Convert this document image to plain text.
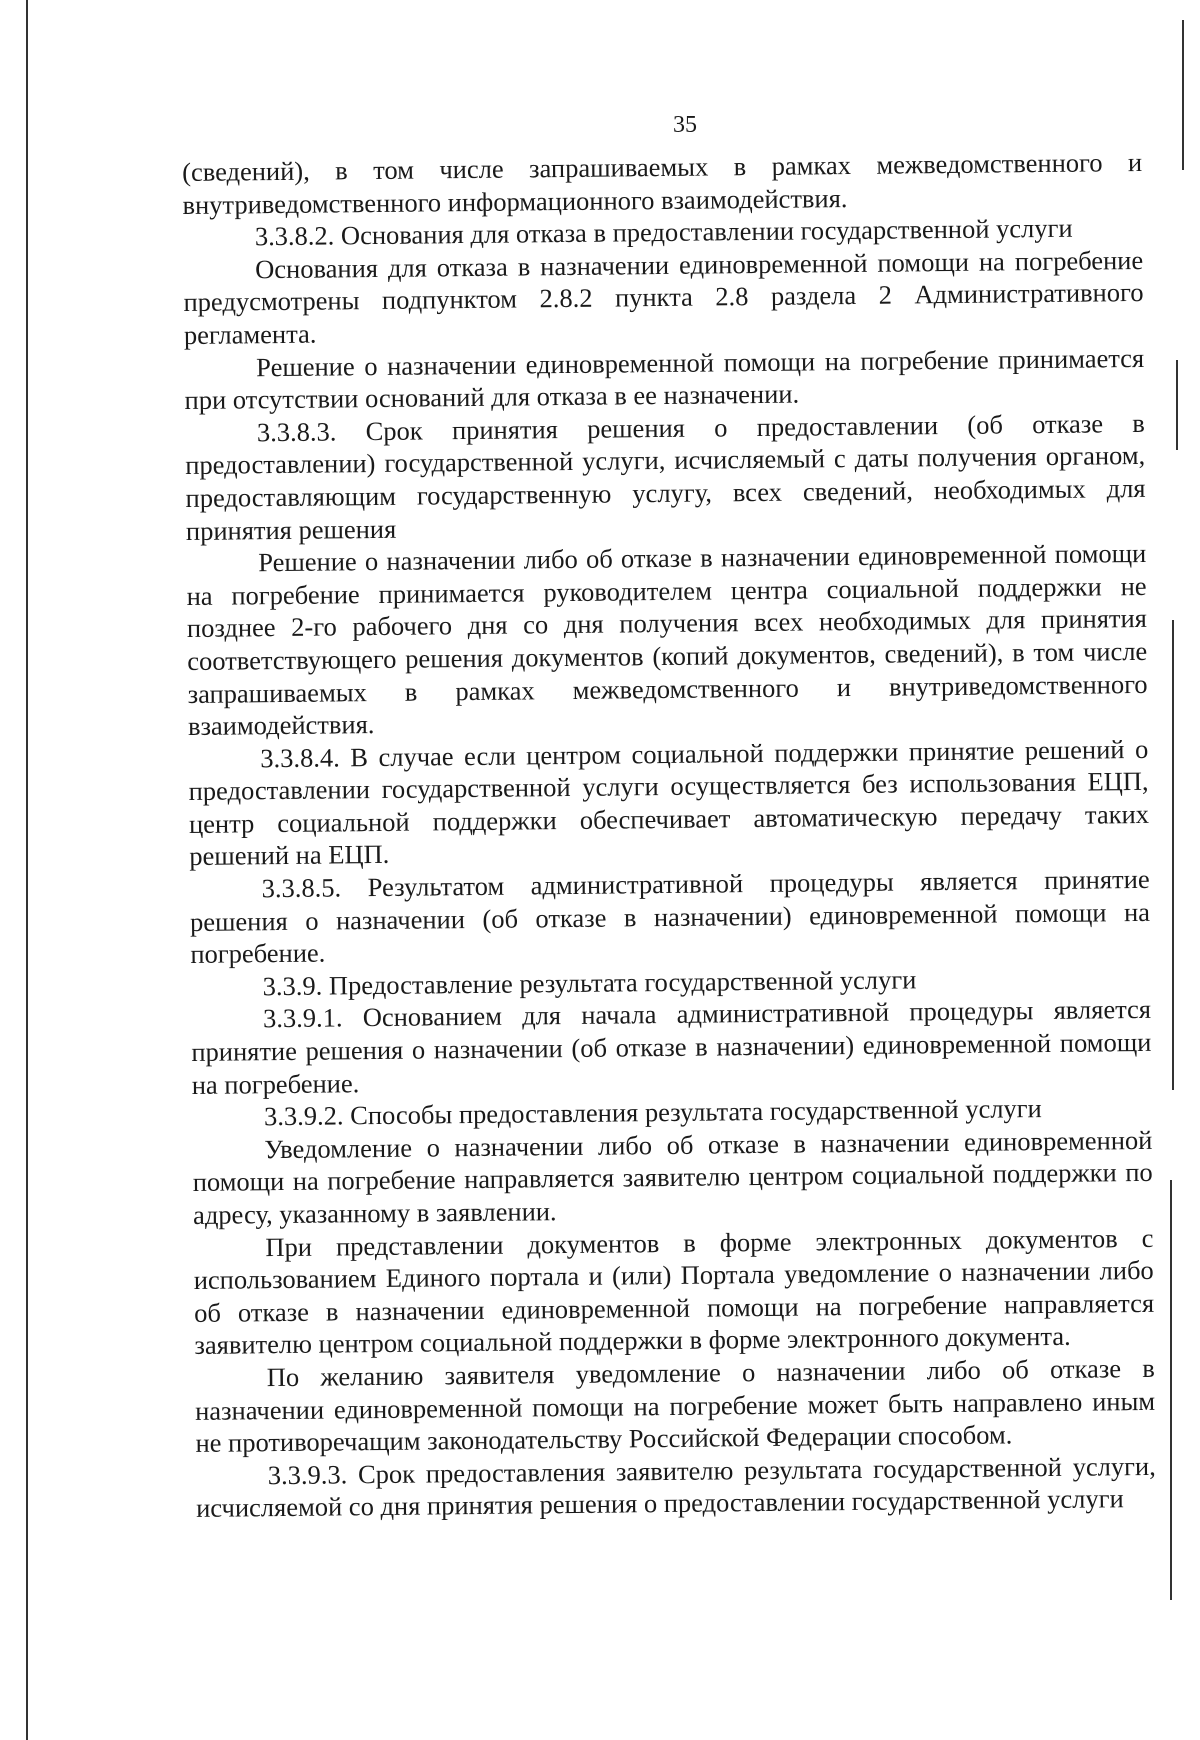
35

(сведений), в том числе запрашиваемых в рамках межведомственного и внутриведомственного информационного взаимодействия.

3.3.8.2. Основания для отказа в предоставлении государственной услуги

Основания для отказа в назначении единовременной помощи на погребение предусмотрены подпунктом 2.8.2 пункта 2.8 раздела 2 Административного регламента.

Решение о назначении единовременной помощи на погребение принимается при отсутствии оснований для отказа в ее назначении.

3.3.8.3. Срок принятия решения о предоставлении (об отказе в предоставлении) государственной услуги, исчисляемый с даты получения органом, предоставляющим государственную услугу, всех сведений, необходимых для принятия решения

Решение о назначении либо об отказе в назначении единовременной помощи на погребение принимается руководителем центра социальной поддержки не позднее 2-го рабочего дня со дня получения всех необходимых для принятия соответствующего решения документов (копий документов, сведений), в том числе запрашиваемых в рамках межведомственного и внутриведомственного взаимодействия.

3.3.8.4. В случае если центром социальной поддержки принятие решений о предоставлении государственной услуги осуществляется без использования ЕЦП, центр социальной поддержки обеспечивает автоматическую передачу таких решений на ЕЦП.

3.3.8.5. Результатом административной процедуры является принятие решения о назначении (об отказе в назначении) единовременной помощи на погребение.

3.3.9. Предоставление результата государственной услуги

3.3.9.1. Основанием для начала административной процедуры является принятие решения о назначении (об отказе в назначении) единовременной помощи на погребение.

3.3.9.2. Способы предоставления результата государственной услуги

Уведомление о назначении либо об отказе в назначении единовременной помощи на погребение направляется заявителю центром социальной поддержки по адресу, указанному в заявлении.

При представлении документов в форме электронных документов с использованием Единого портала и (или) Портала уведомление о назначении либо об отказе в назначении единовременной помощи на погребение направляется заявителю центром социальной поддержки в форме электронного документа.

По желанию заявителя уведомление о назначении либо об отказе в назначении единовременной помощи на погребение может быть направлено иным не противоречащим законодательству Российской Федерации способом.

3.3.9.3. Срок предоставления заявителю результата государственной услуги, исчисляемой со дня принятия решения о предоставлении государственной услуги
